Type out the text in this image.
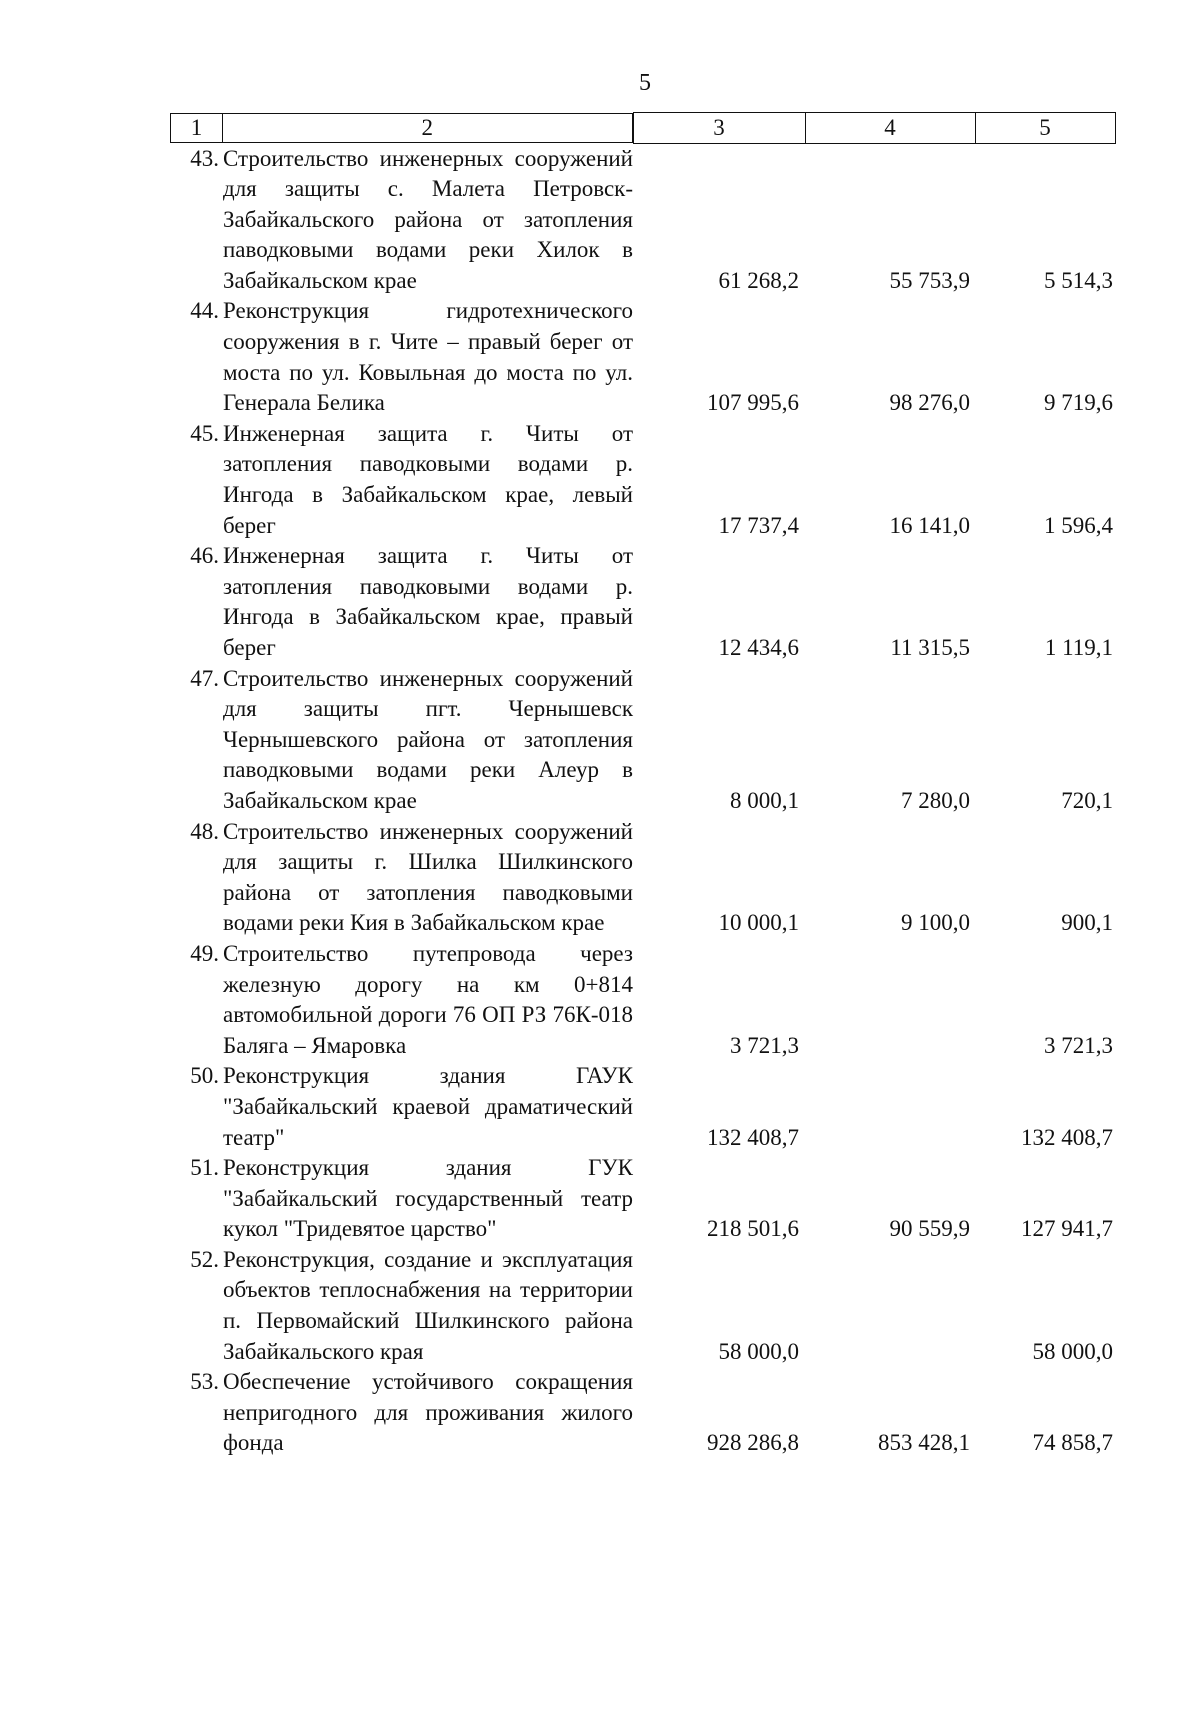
5
1 2		3	4	5
43.	Строительство инженерных сооружений для защиты с. Малета Петровск-Забайкальского района от затопления паводковыми водами реки Хилок в Забайкальском крае	61 268,2	55 753,9	5 514,3
44.	Реконструкция гидротехнического сооружения в г. Чите – правый берег от моста по ул. Ковыльная до моста по ул. Генерала Белика	107 995,6	98 276,0	9 719,6
45.	Инженерная защита г. Читы от затопления паводковыми водами р. Ингода в Забайкальском крае, левый берег	17 737,4	16 141,0	1 596,4
46.	Инженерная защита г. Читы от затопления паводковыми водами р. Ингода в Забайкальском крае, правый берег	12 434,6	11 315,5	1 119,1
47.	Строительство инженерных сооружений для защиты пгт. Чернышевск Чернышевского района от затопления паводковыми водами реки Алеур в Забайкальском крае	8 000,1	7 280,0	720,1
48.	Строительство инженерных сооружений для защиты г. Шилка Шилкинского района от затопления паводковыми водами реки Кия в Забайкальском крае	10 000,1	9 100,0	900,1
49.	Строительство путепровода через железную дорогу на км 0+814 автомобильной дороги 76 ОП РЗ 76К-018 Баляга – Ямаровка	3 721,3		3 721,3
50.	Реконструкция здания ГАУК "Забайкальский краевой драматический театр"	132 408,7		132 408,7
51.	Реконструкция здания ГУК "Забайкальский государственный театр кукол "Тридевятое царство"	218 501,6	90 559,9	127 941,7
52.	Реконструкция, создание и эксплуатация объектов теплоснабжения на территории п. Первомайский Шилкинского района Забайкальского края	58 000,0		58 000,0
53.	Обеспечение устойчивого сокращения непригодного для проживания жилого фонда	928 286,8	853 428,1	74 858,7
